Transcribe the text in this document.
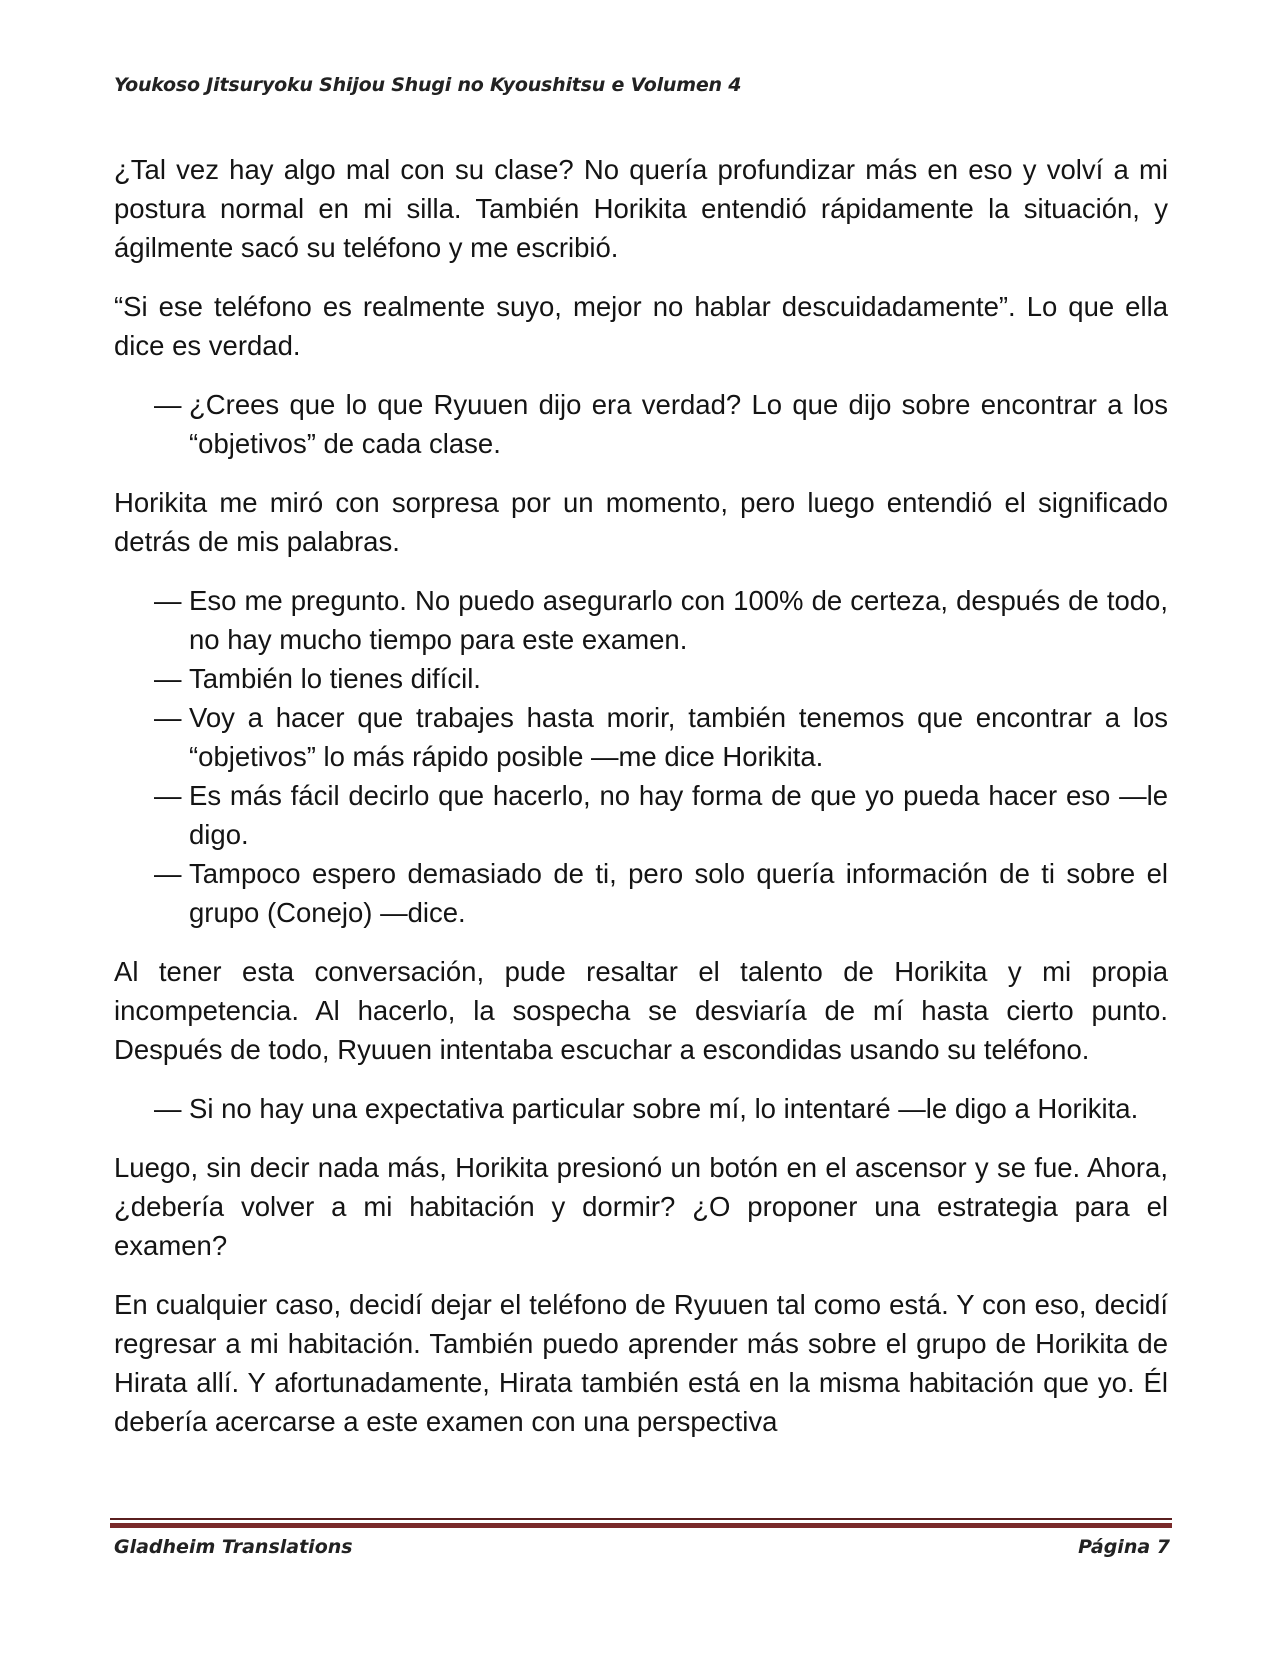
Youkoso Jitsuryoku Shijou Shugi no Kyoushitsu e Volumen 4

¿Tal vez hay algo mal con su clase? No quería profundizar más en eso y volví a mi postura normal en mi silla. También Horikita entendió rápidamente la situación, y ágilmente sacó su teléfono y me escribió.

“Si ese teléfono es realmente suyo, mejor no hablar descuidadamente”. Lo que ella dice es verdad.

— ¿Crees que lo que Ryuuen dijo era verdad? Lo que dijo sobre encontrar a los “objetivos” de cada clase.

Horikita me miró con sorpresa por un momento, pero luego entendió el significado detrás de mis palabras.

— Eso me pregunto. No puedo asegurarlo con 100% de certeza, después de todo, no hay mucho tiempo para este examen.

— También lo tienes difícil.

— Voy a hacer que trabajes hasta morir, también tenemos que encontrar a los “objetivos” lo más rápido posible —me dice Horikita.

— Es más fácil decirlo que hacerlo, no hay forma de que yo pueda hacer eso —le digo.

— Tampoco espero demasiado de ti, pero solo quería información de ti sobre el grupo (Conejo) —dice.

Al tener esta conversación, pude resaltar el talento de Horikita y mi propia incompetencia. Al hacerlo, la sospecha se desviaría de mí hasta cierto punto. Después de todo, Ryuuen intentaba escuchar a escondidas usando su teléfono.

— Si no hay una expectativa particular sobre mí, lo intentaré —le digo a Horikita.

Luego, sin decir nada más, Horikita presionó un botón en el ascensor y se fue. Ahora, ¿debería volver a mi habitación y dormir? ¿O proponer una estrategia para el examen?

En cualquier caso, decidí dejar el teléfono de Ryuuen tal como está. Y con eso, decidí regresar a mi habitación. También puedo aprender más sobre el grupo de Horikita de Hirata allí. Y afortunadamente, Hirata también está en la misma habitación que yo. Él debería acercarse a este examen con una perspectiva

Gladheim Translations	Página 7
